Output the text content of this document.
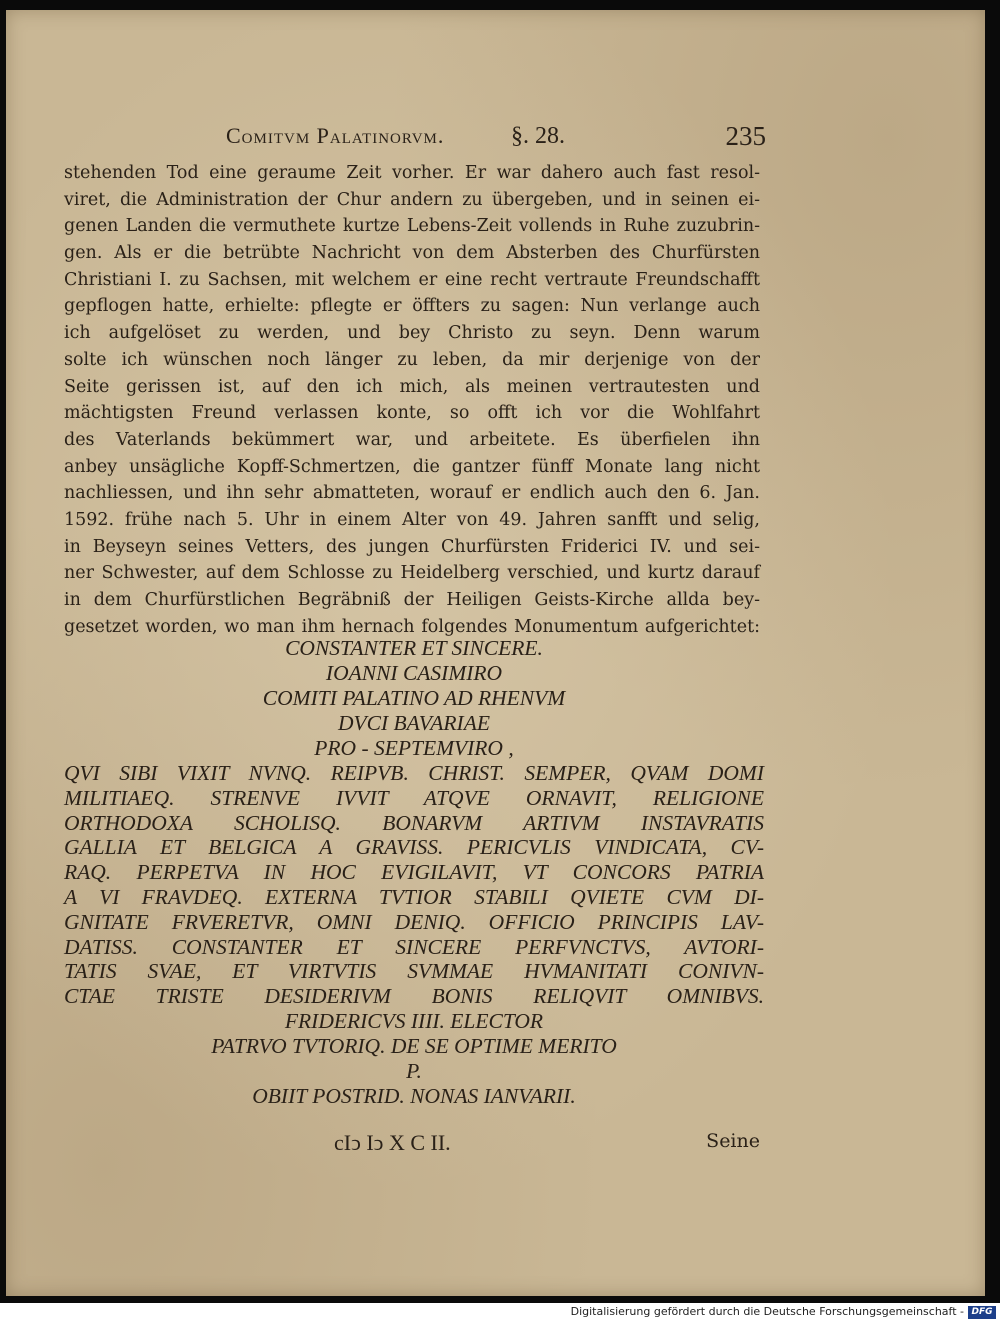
Comitvm Palatinorvm.	§. 28.	235
stehenden Tod eine geraume Zeit vorher. Er war dahero auch fast resol-
viret, die Administration der Chur andern zu übergeben, und in seinen ei-
genen Landen die vermuthete kurtze Lebens-Zeit vollends in Ruhe zuzubrin-
gen. Als er die betrübte Nachricht von dem Absterben des Churfürsten
Christiani I. zu Sachsen, mit welchem er eine recht vertraute Freundschafft
gepflogen hatte, erhielte: pflegte er öffters zu sagen: Nun verlange auch
ich aufgelöset zu werden, und bey Christo zu seyn. Denn warum
solte ich wünschen noch länger zu leben, da mir derjenige von der
Seite gerissen ist, auf den ich mich, als meinen vertrautesten und
mächtigsten Freund verlassen konte, so offt ich vor die Wohlfahrt
des Vaterlands bekümmert war, und arbeitete. Es überfielen ihn
anbey unsägliche Kopff-Schmertzen, die gantzer fünff Monate lang nicht
nachliessen, und ihn sehr abmatteten, worauf er endlich auch den 6. Jan.
1592. frühe nach 5. Uhr in einem Alter von 49. Jahren sanfft und selig,
in Beyseyn seines Vetters, des jungen Churfürsten Friderici IV. und sei-
ner Schwester, auf dem Schlosse zu Heidelberg verschied, und kurtz darauf
in dem Churfürstlichen Begräbniß der Heiligen Geists-Kirche allda bey-
gesetzet worden, wo man ihm hernach folgendes Monumentum aufgerichtet:
CONSTANTER ET SINCERE.
IOANNI CASIMIRO
COMITI PALATINO AD RHENVM
DVCI BAVARIAE
PRO - SEPTEMVIRO ,
QVI SIBI VIXIT NVNQ. REIPVB. CHRIST. SEMPER, QVAM DOMI
MILITIAEQ. STRENVE IVVIT ATQVE ORNAVIT, RELIGIONE
ORTHODOXA SCHOLISQ. BONARVM ARTIVM INSTAVRATIS
GALLIA ET BELGICA A GRAVISS. PERICVLIS VINDICATA, CV-
RAQ. PERPETVA IN HOC EVIGILAVIT, VT CONCORS PATRIA
A VI FRAVDEQ. EXTERNA TVTIOR STABILI QVIETE CVM DI-
GNITATE FRVERETVR, OMNI DENIQ. OFFICIO PRINCIPIS LAV-
DATISS. CONSTANTER ET SINCERE PERFVNCTVS, AVTORI-
TATIS SVAE, ET VIRTVTIS SVMMAE HVMANITATI CONIVN-
CTAE TRISTE DESIDERIVM BONIS RELIQVIT OMNIBVS.
FRIDERICVS IIII. ELECTOR
PATRVO TVTORIQ. DE SE OPTIME MERITO
P.
OBIIT POSTRID. NONAS IANVARII.
cIↄ Iↄ X C II.	Seine
Digitalisierung gefördert durch die Deutsche Forschungsgemeinschaft - DFG
